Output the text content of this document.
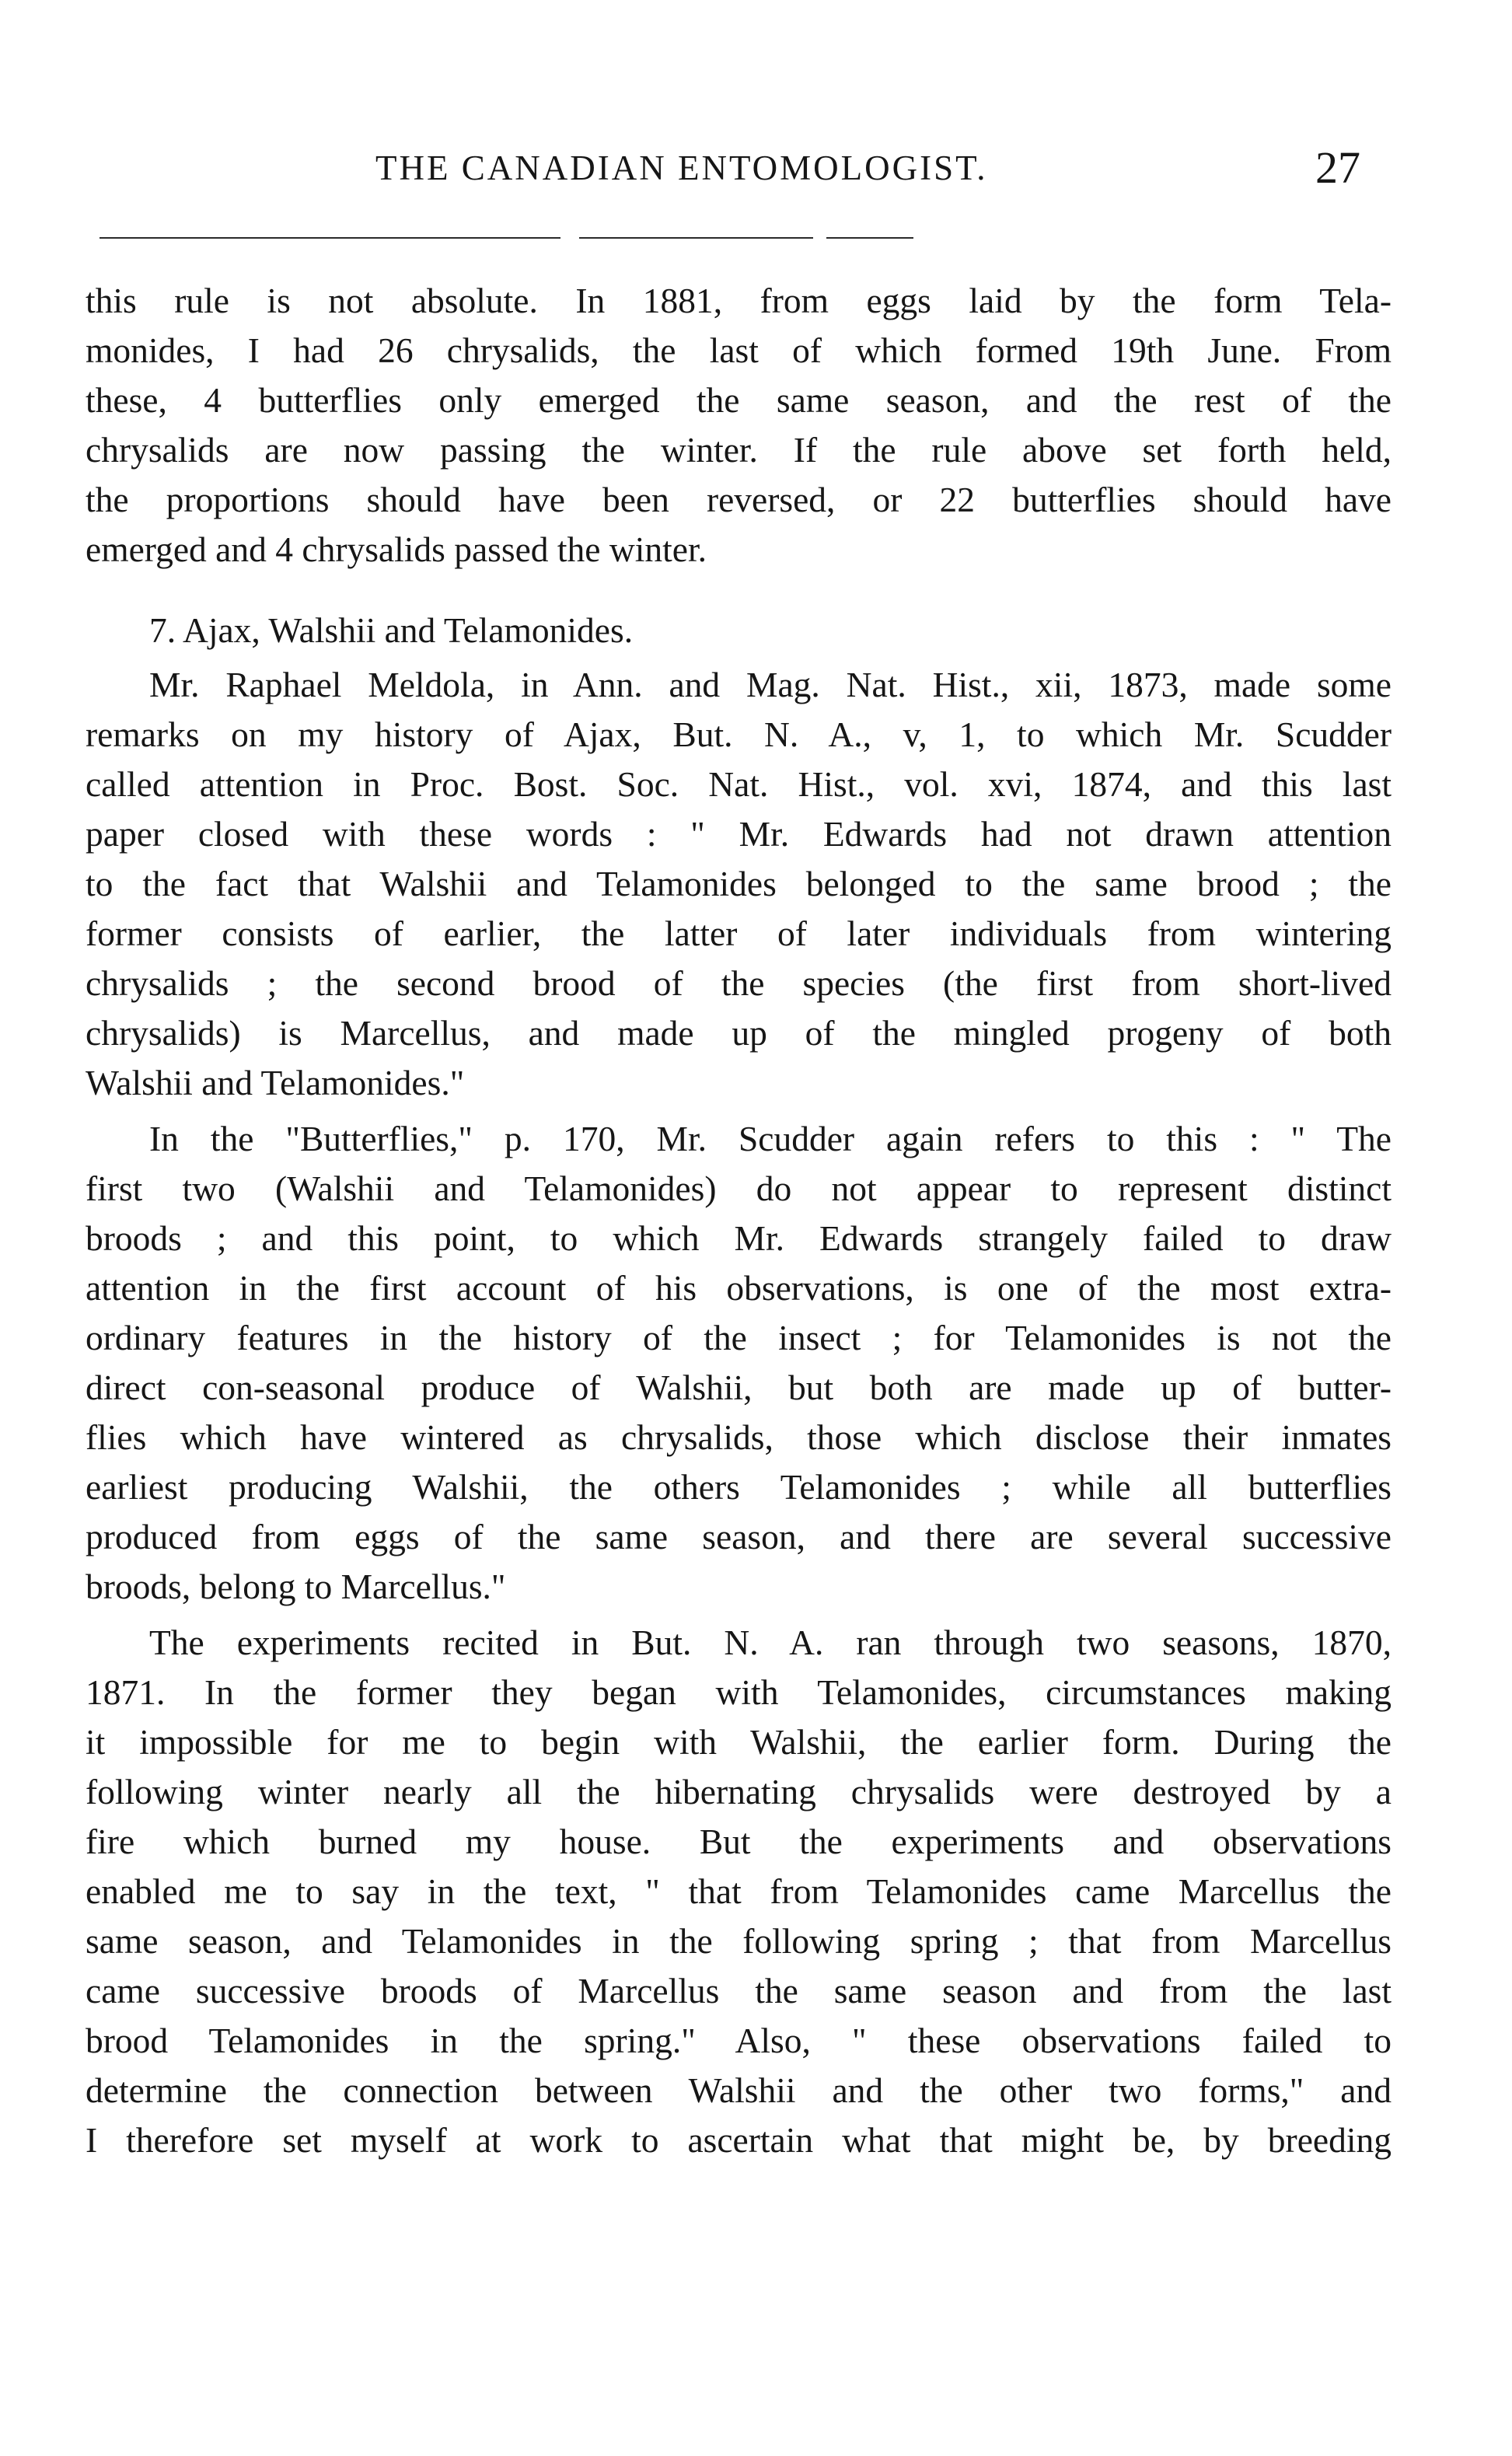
THE CANADIAN ENTOMOLOGIST.	27
this rule is not absolute. In 1881, from eggs laid by the form Tela-
monides, I had 26 chrysalids, the last of which formed 19th June. From
these, 4 butterflies only emerged the same season, and the rest of the
chrysalids are now passing the winter. If the rule above set forth held,
the proportions should have been reversed, or 22 butterflies should have
emerged and 4 chrysalids passed the winter.
7. Ajax, Walshii and Telamonides.
Mr. Raphael Meldola, in Ann. and Mag. Nat. Hist., xii, 1873, made some
remarks on my history of Ajax, But. N. A., v, 1, to which Mr. Scudder
called attention in Proc. Bost. Soc. Nat. Hist., vol. xvi, 1874, and this last
paper closed with these words : " Mr. Edwards had not drawn attention
to the fact that Walshii and Telamonides belonged to the same brood ; the
former consists of earlier, the latter of later individuals from wintering
chrysalids ; the second brood of the species (the first from short-lived
chrysalids) is Marcellus, and made up of the mingled progeny of both
Walshii and Telamonides."
In the "Butterflies," p. 170, Mr. Scudder again refers to this : " The
first two (Walshii and Telamonides) do not appear to represent distinct
broods ; and this point, to which Mr. Edwards strangely failed to draw
attention in the first account of his observations, is one of the most extra-
ordinary features in the history of the insect ; for Telamonides is not the
direct con-seasonal produce of Walshii, but both are made up of butter-
flies which have wintered as chrysalids, those which disclose their inmates
earliest producing Walshii, the others Telamonides ; while all butterflies
produced from eggs of the same season, and there are several successive
broods, belong to Marcellus."
The experiments recited in But. N. A. ran through two seasons, 1870,
1871. In the former they began with Telamonides, circumstances making
it impossible for me to begin with Walshii, the earlier form. During the
following winter nearly all the hibernating chrysalids were destroyed by a
fire which burned my house. But the experiments and observations
enabled me to say in the text, " that from Telamonides came Marcellus the
same season, and Telamonides in the following spring ; that from Marcellus
came successive broods of Marcellus the same season and from the last
brood Telamonides in the spring." Also, " these observations failed to
determine the connection between Walshii and the other two forms," and
I therefore set myself at work to ascertain what that might be, by breeding
